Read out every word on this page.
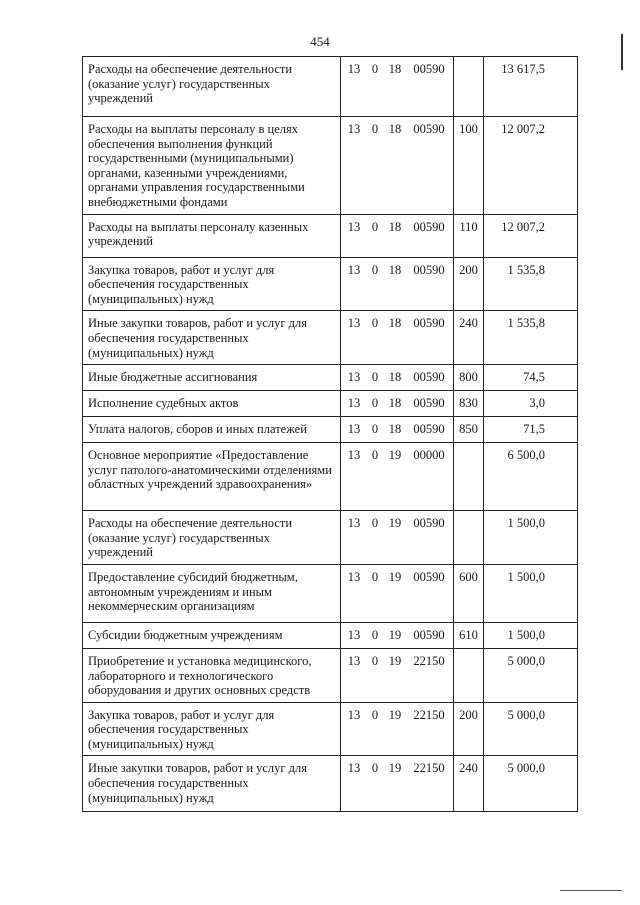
454
Расходы на обеспечение деятельности (оказание услуг) государственных учреждений	13 0 18 00590		13 617,5
Расходы на выплаты персоналу в целях обеспечения выполнения функций государственными (муниципальными) органами, казенными учреждениями, органами управления государственными внебюджетными фондами	13 0 18 00590	100	12 007,2
Расходы на выплаты персоналу казенных учреждений	13 0 18 00590	110	12 007,2
Закупка товаров, работ и услуг для обеспечения государственных (муниципальных) нужд	13 0 18 00590	200	1 535,8
Иные закупки товаров, работ и услуг для обеспечения государственных (муниципальных) нужд	13 0 18 00590	240	1 535,8
Иные бюджетные ассигнования	13 0 18 00590	800	74,5
Исполнение судебных актов	13 0 18 00590	830	3,0
Уплата налогов, сборов и иных платежей	13 0 18 00590	850	71,5
Основное мероприятие «Предоставление услуг патолого-анатомическими отделениями областных учреждений здравоохранения»	13 0 19 00000		6 500,0
Расходы на обеспечение деятельности (оказание услуг) государственных учреждений	13 0 19 00590		1 500,0
Предоставление субсидий бюджетным, автономным учреждениям и иным некоммерческим организациям	13 0 19 00590	600	1 500,0
Субсидии бюджетным учреждениям	13 0 19 00590	610	1 500,0
Приобретение и установка медицинского, лабораторного и технологического оборудования и других основных средств	13 0 19 22150		5 000,0
Закупка товаров, работ и услуг для обеспечения государственных (муниципальных) нужд	13 0 19 22150	200	5 000,0
Иные закупки товаров, работ и услуг для обеспечения государственных (муниципальных) нужд	13 0 19 22150	240	5 000,0
